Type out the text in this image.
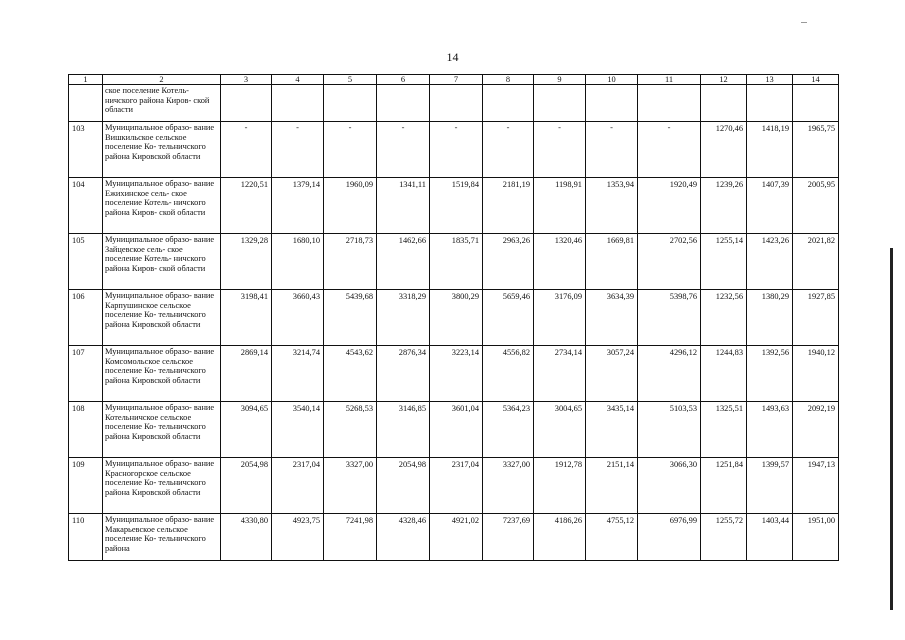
14
1	2	3	4	5	6	7	8	9	10	11	12	13	14
	ское поселение Котель- ничского района Киров- ской области												
103	Муниципальное образо- вание Вишкильское сельское поселение Ко- тельничского района Кировской области	-	-	-	-	-	-	-	-	-	1270,46	1418,19	1965,75
104	Муниципальное образо- вание Ежихинское сель- ское поселение Котель- ничского района Киров- ской области	1220,51	1379,14	1960,09	1341,11	1519,84	2181,19	1198,91	1353,94	1920,49	1239,26	1407,39	2005,95
105	Муниципальное образо- вание Зайцевское сель- ское поселение Котель- ничского района Киров- ской области	1329,28	1680,10	2718,73	1462,66	1835,71	2963,26	1320,46	1669,81	2702,56	1255,14	1423,26	2021,82
106	Муниципальное образо- вание Карпушинское сельское поселение Ко- тельничского района Кировской области	3198,41	3660,43	5439,68	3318,29	3800,29	5659,46	3176,09	3634,39	5398,76	1232,56	1380,29	1927,85
107	Муниципальное образо- вание Комсомольское сельское поселение Ко- тельничского района Кировской области	2869,14	3214,74	4543,62	2876,34	3223,14	4556,82	2734,14	3057,24	4296,12	1244,83	1392,56	1940,12
108	Муниципальное образо- вание Котельничское сельское поселение Ко- тельничского района Кировской области	3094,65	3540,14	5268,53	3146,85	3601,04	5364,23	3004,65	3435,14	5103,53	1325,51	1493,63	2092,19
109	Муниципальное образо- вание Красногорское сельское поселение Ко- тельничского района Кировской области	2054,98	2317,04	3327,00	2054,98	2317,04	3327,00	1912,78	2151,14	3066,30	1251,84	1399,57	1947,13
110	Муниципальное образо- вание Макарьевское сельское поселение Ко- тельничского района	4330,80	4923,75	7241,98	4328,46	4921,02	7237,69	4186,26	4755,12	6976,99	1255,72	1403,44	1951,00
